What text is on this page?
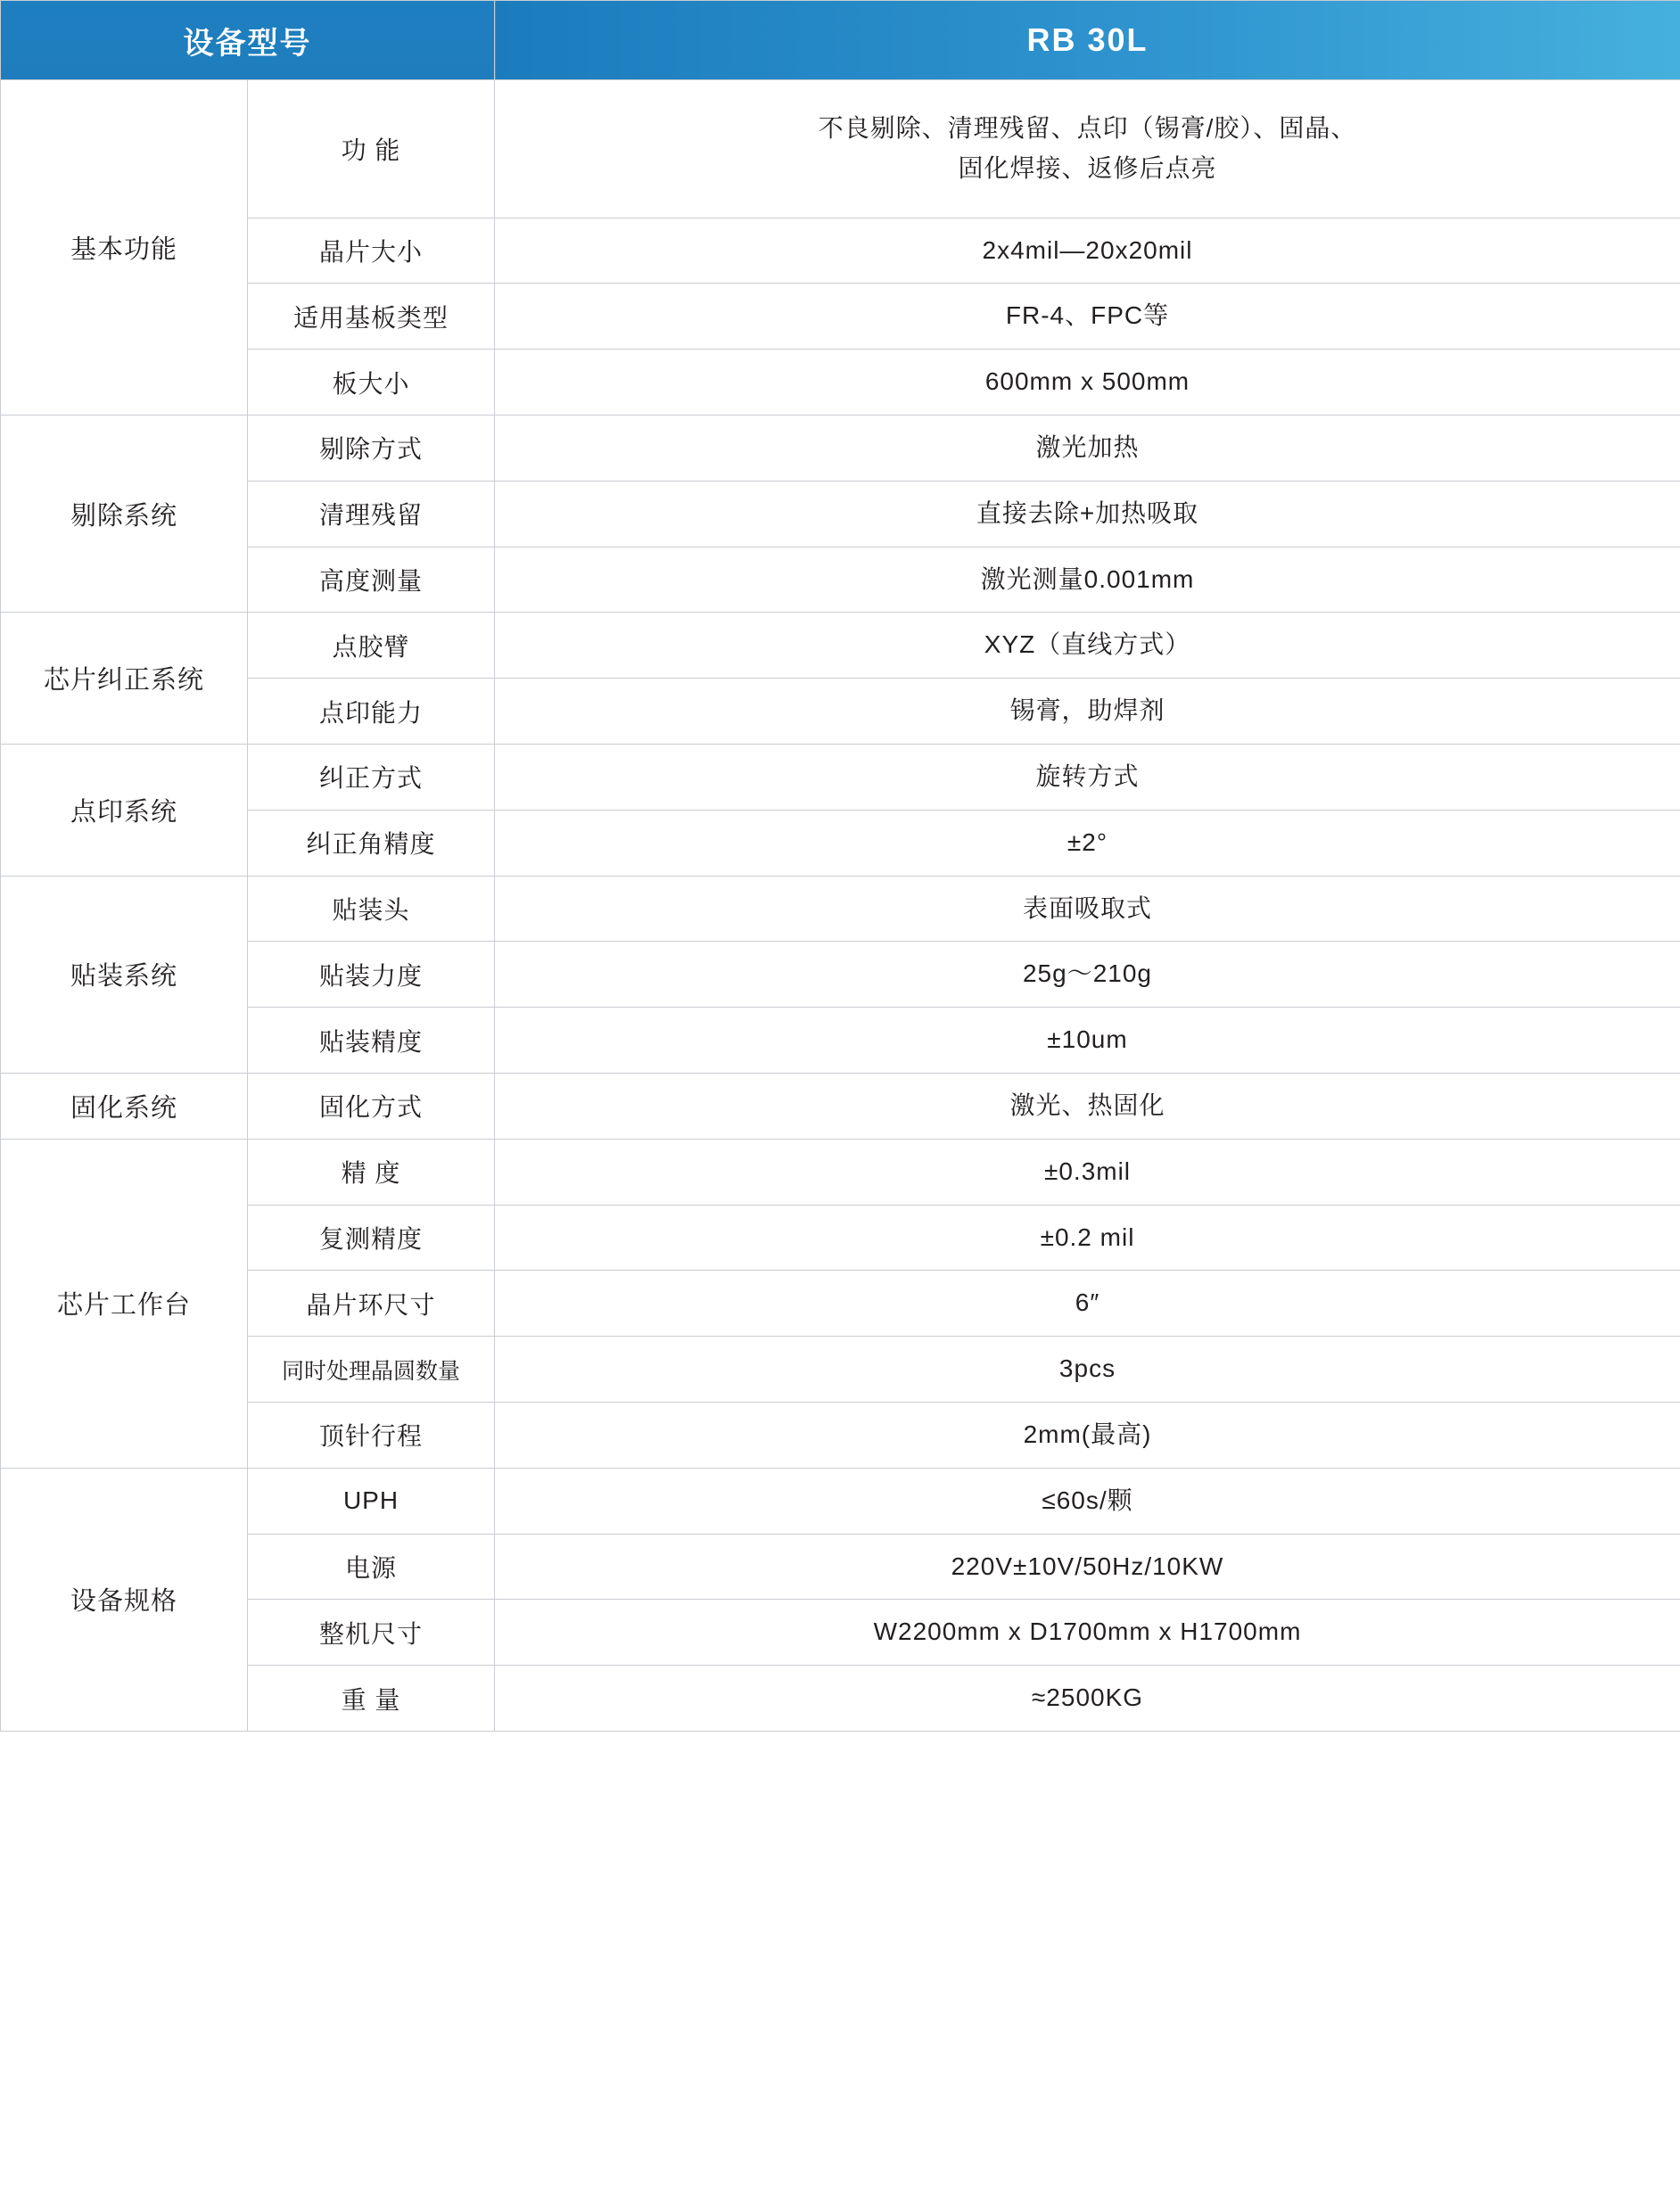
设备型号		RB 30L

基本功能	功 能	不良剔除、清理残留、点印（锡膏/胶）、固晶、
固化焊接、返修后点亮

晶片大小	2x4mil—20x20mil

适用基板类型	FR-4、FPC等

板大小	600mm x 500mm

剔除系统	剔除方式	激光加热

清理残留	直接去除+加热吸取

高度测量	激光测量0.001mm

芯片纠正系统	点胶臂	XYZ（直线方式）

点印能力	锡膏，助焊剂

点印系统	纠正方式	旋转方式

纠正角精度	±2°

贴装系统	贴装头	表面吸取式

贴装力度	25g～210g

贴装精度	±10um

固化系统	固化方式	激光、热固化

芯片工作台	精 度	±0.3mil

复测精度	±0.2 mil

晶片环尺寸	6″

同时处理晶圆数量	3pcs

顶针行程	2mm(最高)

设备规格	UPH	≤60s/颗

电源	220V±10V/50Hz/10KW

整机尺寸	W2200mm x D1700mm x H1700mm

重 量	≈2500KG
